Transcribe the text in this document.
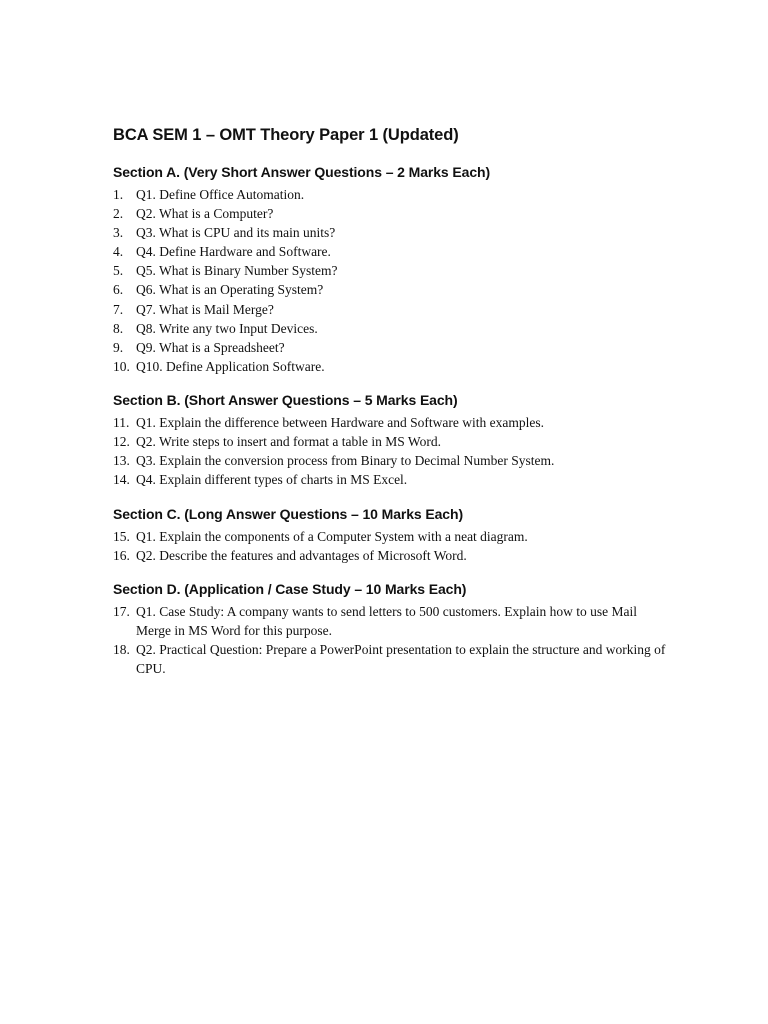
BCA SEM 1 – OMT Theory Paper 1 (Updated)
Section A. (Very Short Answer Questions – 2 Marks Each)
1. Q1. Define Office Automation.
2. Q2. What is a Computer?
3. Q3. What is CPU and its main units?
4. Q4. Define Hardware and Software.
5. Q5. What is Binary Number System?
6. Q6. What is an Operating System?
7. Q7. What is Mail Merge?
8. Q8. Write any two Input Devices.
9. Q9. What is a Spreadsheet?
10. Q10. Define Application Software.
Section B. (Short Answer Questions – 5 Marks Each)
11. Q1. Explain the difference between Hardware and Software with examples.
12. Q2. Write steps to insert and format a table in MS Word.
13. Q3. Explain the conversion process from Binary to Decimal Number System.
14. Q4. Explain different types of charts in MS Excel.
Section C. (Long Answer Questions – 10 Marks Each)
15. Q1. Explain the components of a Computer System with a neat diagram.
16. Q2. Describe the features and advantages of Microsoft Word.
Section D. (Application / Case Study – 10 Marks Each)
17. Q1. Case Study: A company wants to send letters to 500 customers. Explain how to use Mail Merge in MS Word for this purpose.
18. Q2. Practical Question: Prepare a PowerPoint presentation to explain the structure and working of CPU.
